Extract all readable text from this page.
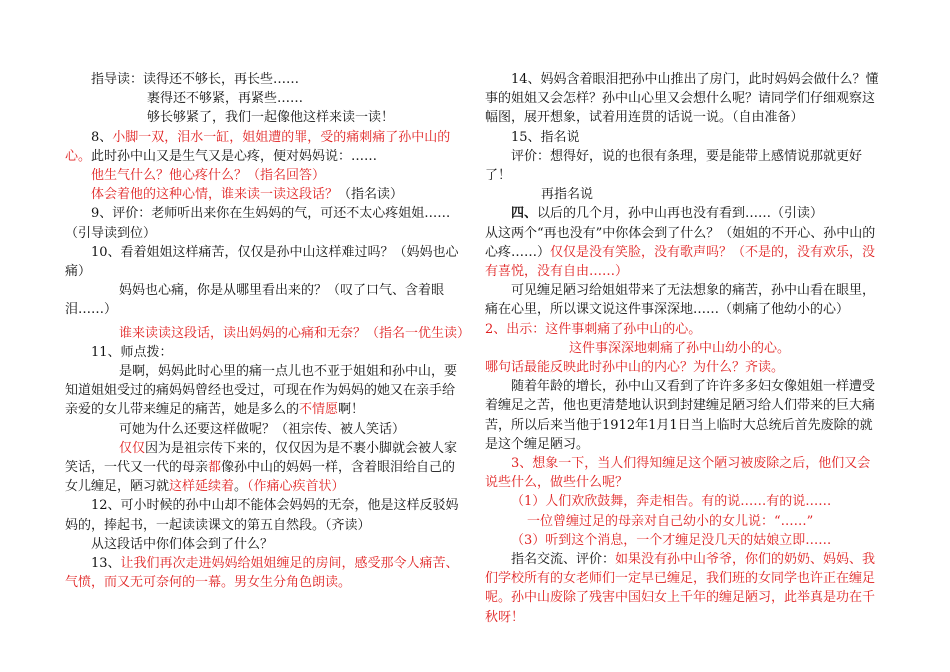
指导读：读得还不够长，再长些……

裹得还不够紧，再紧些……

够长够紧了，我们一起像他这样来读一读！

8、小脚一双，泪水一缸，姐姐遭的罪，受的痛刺痛了孙中山的心。此时孙中山又是生气又是心疼，便对妈妈说：……

他生气什么？他心疼什么？（指名回答）

体会着他的这种心情，谁来读一读这段话？（指名读）

9、评价：老师听出来你在生妈妈的气，可还不太心疼姐姐……（引导读到位）

10、看着姐姐这样痛苦，仅仅是孙中山这样难过吗？（妈妈也心痛）

妈妈也心痛，你是从哪里看出来的？（叹了口气、含着眼泪……）

谁来读读这段话，读出妈妈的心痛和无奈？（指名一优生读）

11、师点拨：

是啊，妈妈此时心里的痛一点儿也不亚于姐姐和孙中山，要知道姐姐受过的痛妈妈曾经也受过，可现在作为妈妈的她又在亲手给亲爱的女儿带来缠足的痛苦，她是多么的不情愿啊！

可她为什么还要这样做呢？（祖宗传、被人笑话）

仅仅因为是祖宗传下来的，仅仅因为是不裹小脚就会被人家笑话，一代又一代的母亲都像孙中山的妈妈一样，含着眼泪给自己的女儿缠足，陋习就这样延续着。（作痛心疾首状）

12、可小时候的孙中山却不能体会妈妈的无奈，他是这样反驳妈妈的，捧起书，一起读读课文的第五自然段。（齐读）

从这段话中你们体会到了什么？

13、让我们再次走进妈妈给姐姐缠足的房间，感受那令人痛苦、气愤，而又无可奈何的一幕。男女生分角色朗读。

14、妈妈含着眼泪把孙中山推出了房门，此时妈妈会做什么？懂事的姐姐又会怎样？孙中山心里又会想什么呢？请同学们仔细观察这幅图，展开想象，试着用连贯的话说一说。（自由准备）

15、指名说

评价：想得好，说的也很有条理，要是能带上感情说那就更好了！

再指名说

四、以后的几个月，孙中山再也没有看到……（引读）

从这两个“再也没有”中你体会到了什么？（姐姐的不开心、孙中山的心疼……）仅仅是没有笑脸，没有歌声吗？（不是的，没有欢乐，没有喜悦，没有自由……）

可见缠足陋习给姐姐带来了无法想象的痛苦，孙中山看在眼里，痛在心里，所以课文说这件事深深地……（刺痛了他幼小的心）

2、出示：这件事刺痛了孙中山的心。

这件事深深地刺痛了孙中山幼小的心。

哪句话最能反映此时孙中山的内心？为什么？齐读。

随着年龄的增长，孙中山又看到了许许多多妇女像姐姐一样遭受着缠足之苦，他也更清楚地认识到封建缠足陋习给人们带来的巨大痛苦，所以后来当他于1912年1月1日当上临时大总统后首先废除的就是这个缠足陋习。

3、想象一下，当人们得知缠足这个陋习被废除之后，他们又会说些什么，做些什么呢？

（1）人们欢欣鼓舞，奔走相告。有的说……有的说……

一位曾缠过足的母亲对自己幼小的女儿说：“……”

（3）听到这个消息，一个才缠足没几天的姑娘立即……

指名交流、评价：如果没有孙中山爷爷，你们的奶奶、妈妈、我们学校所有的女老师们一定早已缠足，我们班的女同学也许正在缠足呢。孙中山废除了残害中国妇女上千年的缠足陋习，此举真是功在千秋呀！
